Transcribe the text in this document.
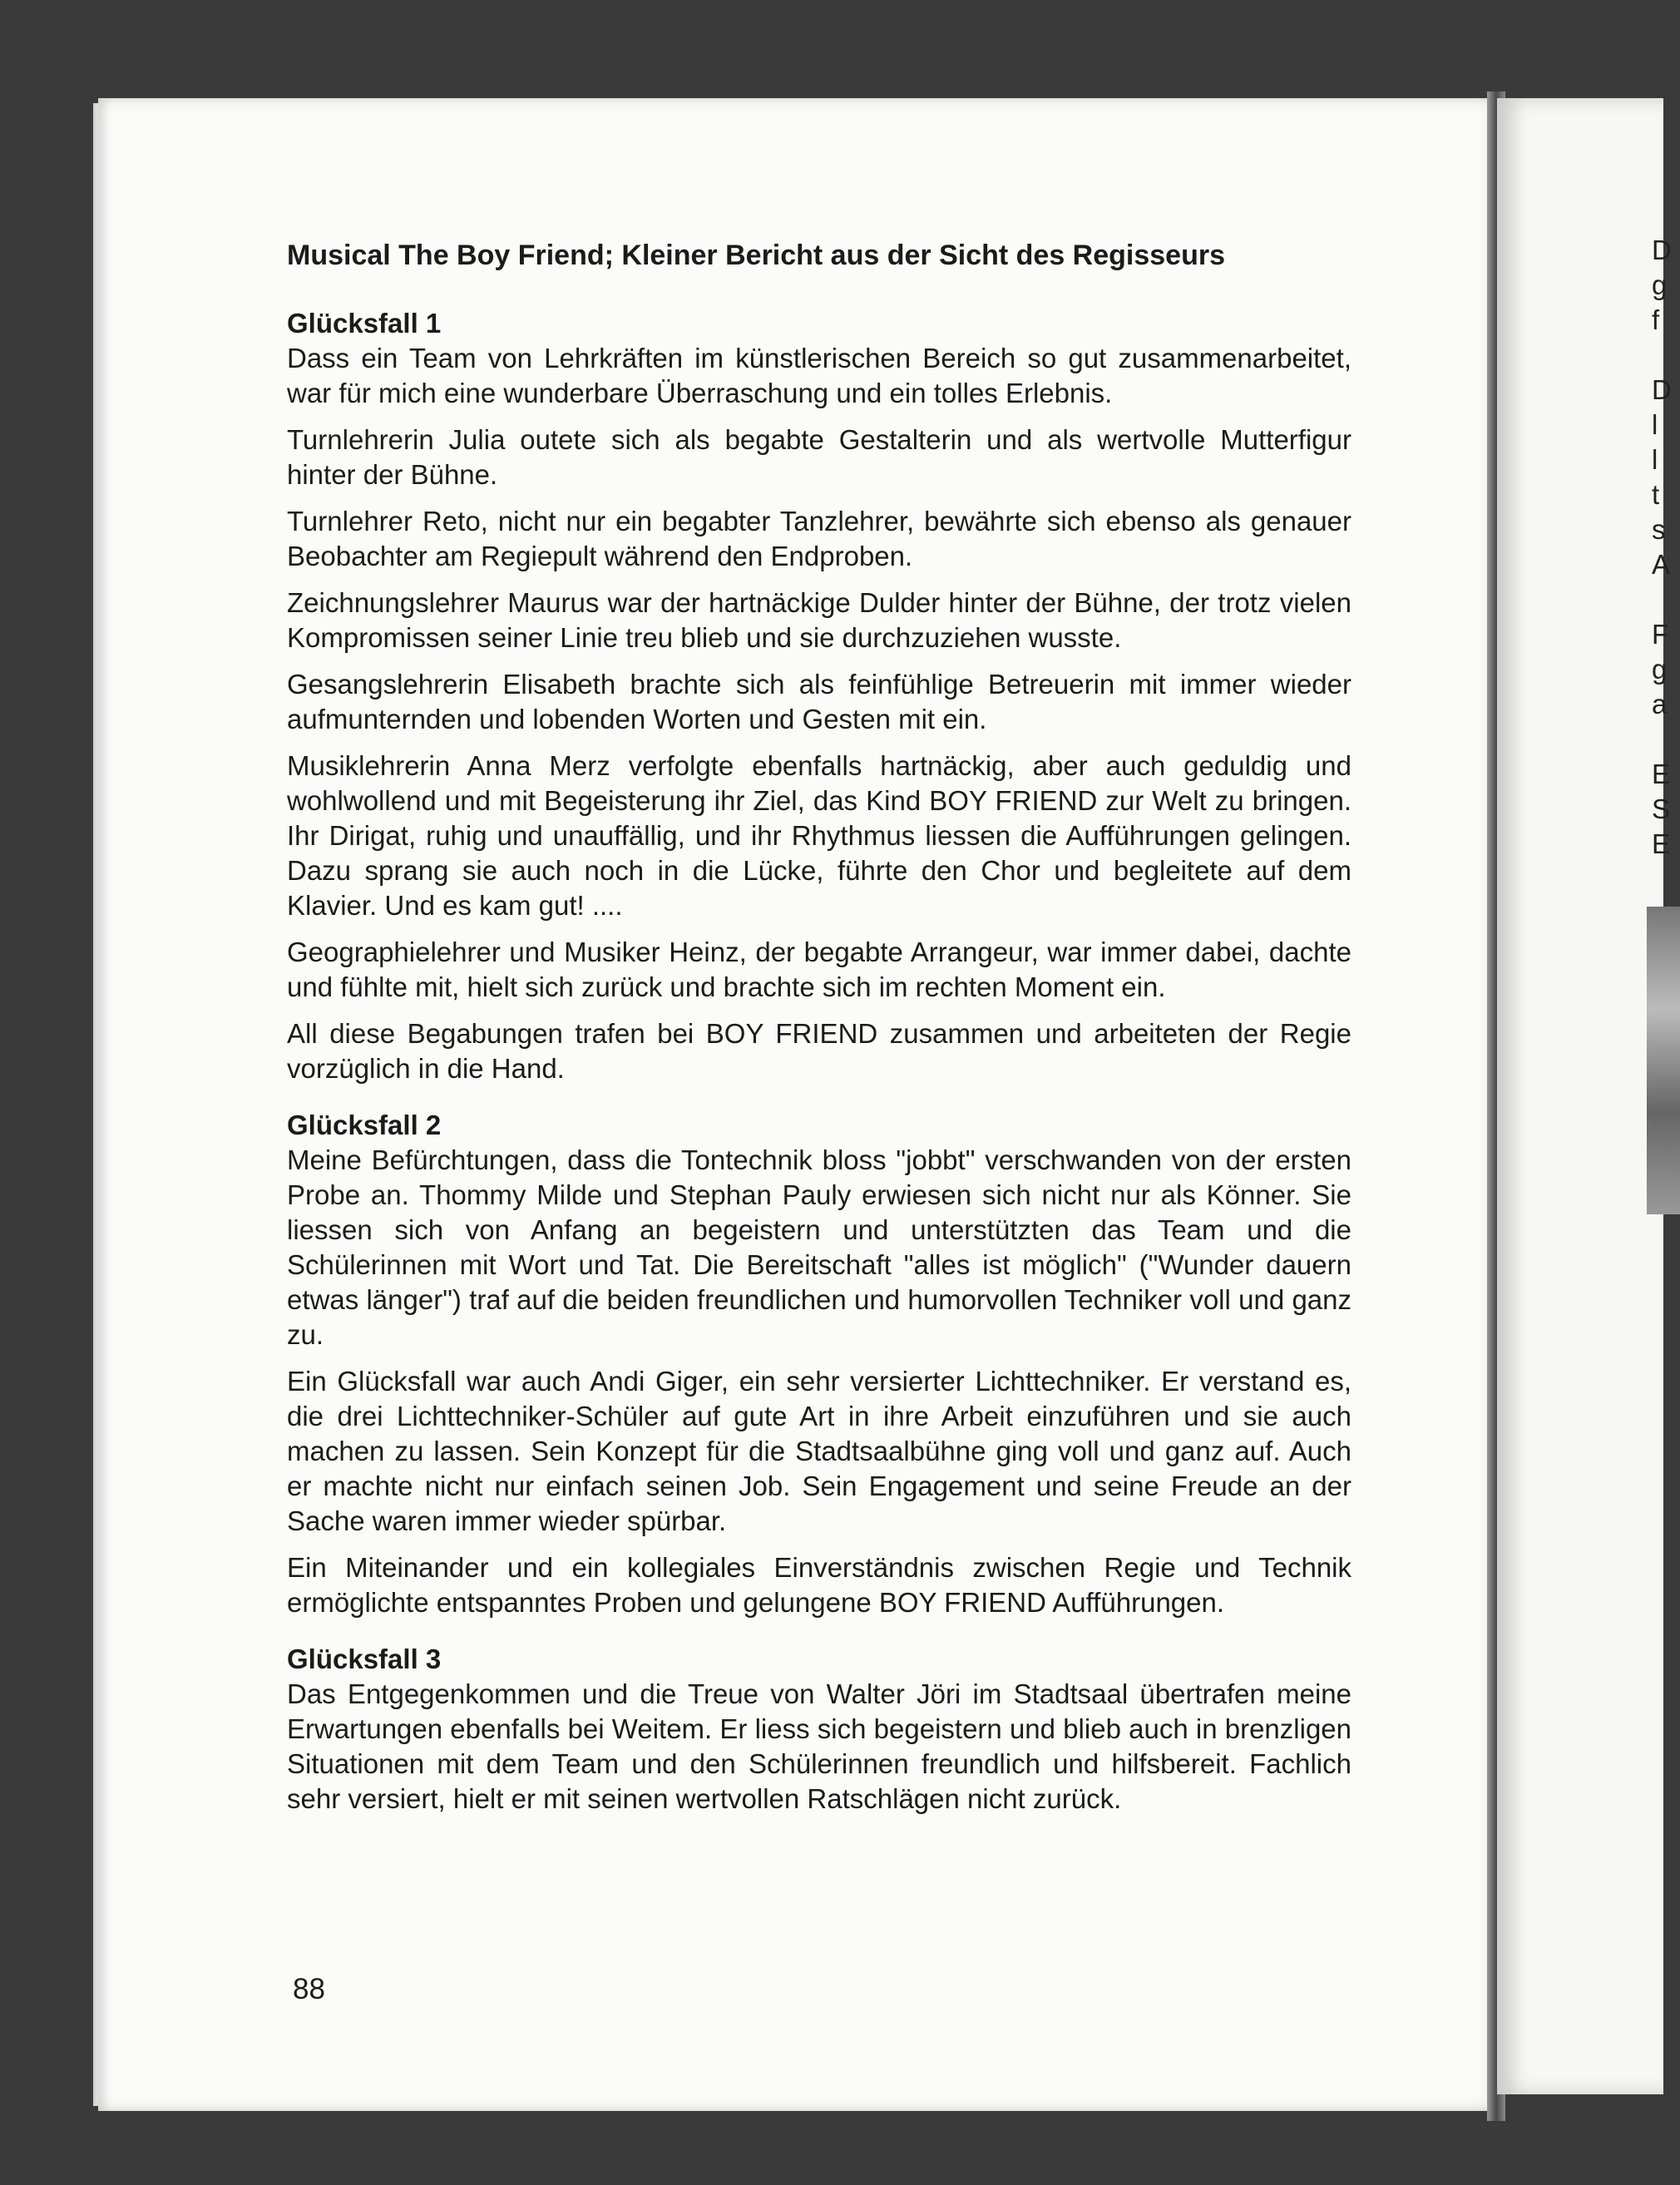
Musical The Boy Friend; Kleiner Bericht aus der Sicht des Regisseurs

Glücksfall 1

Dass ein Team von Lehrkräften im künstlerischen Bereich so gut zusammenarbeitet, war für mich eine wunderbare Überraschung und ein tolles Erlebnis.

Turnlehrerin Julia outete sich als begabte Gestalterin und als wertvolle Mutterfigur hinter der Bühne.

Turnlehrer Reto, nicht nur ein begabter Tanzlehrer, bewährte sich ebenso als genauer Beobachter am Regiepult während den Endproben.

Zeichnungslehrer Maurus war der hartnäckige Dulder hinter der Bühne, der trotz vielen Kompromissen seiner Linie treu blieb und sie durchzuziehen wusste.

Gesangslehrerin Elisabeth brachte sich als feinfühlige Betreuerin mit immer wieder aufmunternden und lobenden Worten und Gesten mit ein.

Musiklehrerin Anna Merz verfolgte ebenfalls hartnäckig, aber auch geduldig und wohlwollend und mit Begeisterung ihr Ziel, das Kind BOY FRIEND zur Welt zu bringen. Ihr Dirigat, ruhig und unauffällig, und ihr Rhythmus liessen die Aufführungen gelingen. Dazu sprang sie auch noch in die Lücke, führte den Chor und begleitete auf dem Klavier. Und es kam gut! ....

Geographielehrer und Musiker Heinz, der begabte Arrangeur, war immer dabei, dachte und fühlte mit, hielt sich zurück und brachte sich im rechten Moment ein.

All diese Begabungen trafen bei BOY FRIEND zusammen und arbeiteten der Regie vorzüglich in die Hand.

Glücksfall 2

Meine Befürchtungen, dass die Tontechnik bloss "jobbt" verschwanden von der ersten Probe an. Thommy Milde und Stephan Pauly erwiesen sich nicht nur als Könner. Sie liessen sich von Anfang an begeistern und unterstützten das Team und die Schülerinnen mit Wort und Tat. Die Bereitschaft "alles ist möglich" ("Wunder dauern etwas länger") traf auf die beiden freundlichen und humorvollen Techniker voll und ganz zu.

Ein Glücksfall war auch Andi Giger, ein sehr versierter Lichttechniker. Er verstand es, die drei Lichttechniker-Schüler auf gute Art in ihre Arbeit einzuführen und sie auch machen zu lassen. Sein Konzept für die Stadtsaalbühne ging voll und ganz auf. Auch er machte nicht nur einfach seinen Job. Sein Engagement und seine Freude an der Sache waren immer wieder spürbar.

Ein Miteinander und ein kollegiales Einverständnis zwischen Regie und Technik ermöglichte entspanntes Proben und gelungene BOY FRIEND Aufführungen.

Glücksfall 3

Das Entgegenkommen und die Treue von Walter Jöri im Stadtsaal übertrafen meine Erwartungen ebenfalls bei Weitem. Er liess sich begeistern und blieb auch in brenzligen Situationen mit dem Team und den Schülerinnen freundlich und hilfsbereit. Fachlich sehr versiert, hielt er mit seinen wertvollen Ratschlägen nicht zurück.

88
D
g
f

D
l
l
t
s
A

F
g
a

E
S
E
